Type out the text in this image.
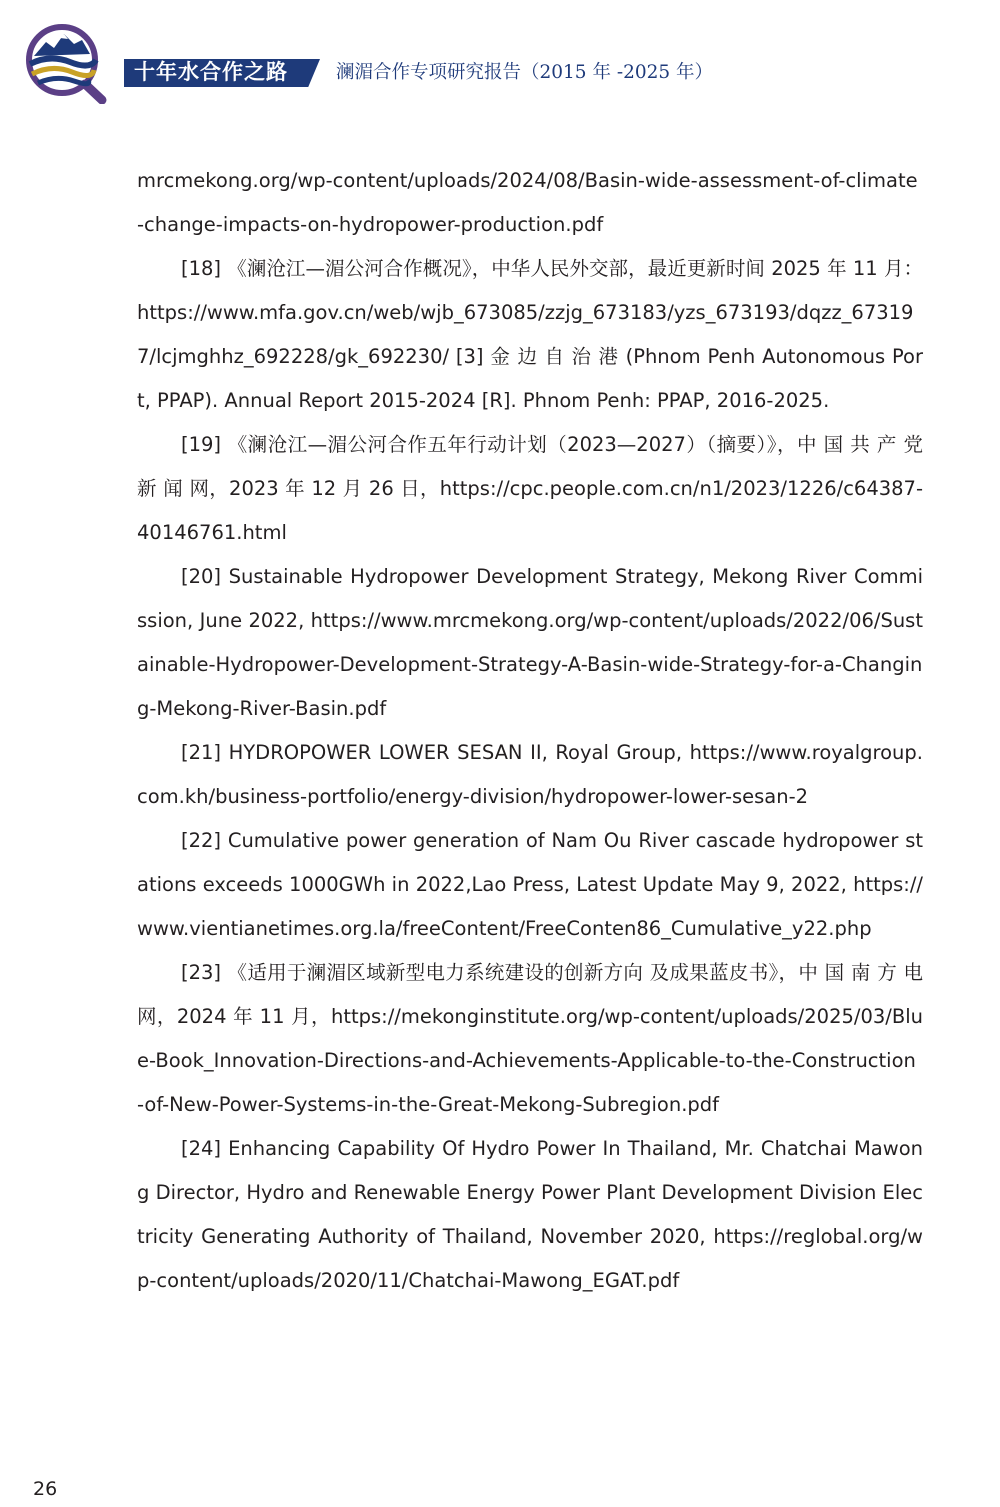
十年水合作之路	澜湄合作专项研究报告（2015 年 -2025 年）

mrcmekong.org/wp-content/uploads/2024/08/Basin-wide-assessment-of-climate-change-impacts-on-hydropower-production.pdf

[18] 《澜沧江—湄公河合作概况》，中华人民外交部，最近更新时间 2025 年 11 月：https://www.mfa.gov.cn/web/wjb_673085/zzjg_673183/yzs_673193/dqzz_673197/lcjmghhz_692228/gk_692230/ [3] 金 边 自 治 港 (Phnom Penh Autonomous Port, PPAP). Annual Report 2015-2024 [R]. Phnom Penh: PPAP, 2016-2025.

[19] 《澜沧江—湄公河合作五年行动计划（2023—2027）（摘要）》，中 国 共 产 党 新 闻 网，2023 年 12 月 26 日，https://cpc.people.com.cn/n1/2023/1226/c64387-40146761.html

[20] Sustainable Hydropower Development Strategy, Mekong River Commission, June 2022, https://www.mrcmekong.org/wp-content/uploads/2022/06/Sustainable-Hydropower-Development-Strategy-A-Basin-wide-Strategy-for-a-Changing-Mekong-River-Basin.pdf

[21] HYDROPOWER LOWER SESAN II, Royal Group, https://www.royalgroup.com.kh/business-portfolio/energy-division/hydropower-lower-sesan-2

[22] Cumulative power generation of Nam Ou River cascade hydropower stations exceeds 1000GWh in 2022,Lao Press, Latest Update May 9, 2022, https://www.vientianetimes.org.la/freeContent/FreeConten86_Cumulative_y22.php

[23] 《适用于澜湄区域新型电力系统建设的创新方向 及成果蓝皮书》，中 国 南 方 电 网，2024 年 11 月，https://mekonginstitute.org/wp-content/uploads/2025/03/Blue-Book_Innovation-Directions-and-Achievements-Applicable-to-the-Construction-of-New-Power-Systems-in-the-Great-Mekong-Subregion.pdf

[24] Enhancing Capability Of Hydro Power In Thailand, Mr. Chatchai Mawong Director, Hydro and Renewable Energy Power Plant Development Division Electricity Generating Authority of Thailand, November 2020, https://reglobal.org/wp-content/uploads/2020/11/Chatchai-Mawong_EGAT.pdf

26
